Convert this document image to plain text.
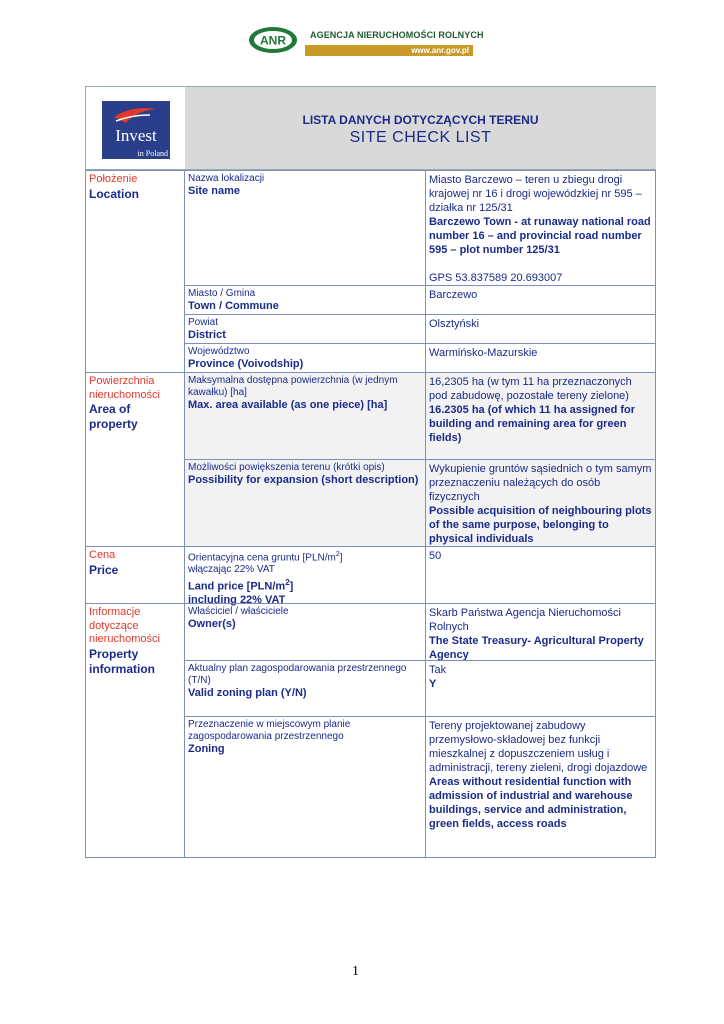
ANR	AGENCJA NIERUCHOMOŚCI ROLNYCH
www.anr.gov.pl
Invest
in Poland
LISTA DANYCH DOTYCZĄCYCH TERENU
SITE CHECK LIST
Położenie
Location
Nazwa lokalizacji
Site name
Miasto Barczewo – teren u zbiegu drogi krajowej nr 16 i drogi wojewódzkiej nr 595 – działka nr 125/31
Barczewo Town - at runaway national road number 16 – and provincial road number 595 – plot number 125/31
GPS 53.837589 20.693007
Miasto / Gmina
Town / Commune
Barczewo
Powiat
District
Olsztyński
Województwo
Province (Voivodship)
Warmińsko-Mazurskie
Powierzchnia nieruchomości
Area of property
Maksymalna dostępna powierzchnia (w jednym kawałku) [ha]
Max. area available (as one piece) [ha]
16,2305 ha (w tym 11 ha przeznaczonych pod zabudowę, pozostałe tereny zielone)
16.2305 ha (of which 11 ha assigned for building and remaining area for green fields)
Możliwości powiększenia terenu (krótki opis)
Possibility for expansion (short description)
Wykupienie gruntów sąsiednich o tym samym przeznaczeniu należących do osób fizycznych
Possible acquisition of neighbouring plots of the same purpose, belonging to physical individuals
Cena
Price
Orientacyjna cena gruntu $[PLN/m^2]$
włączając 22% VAT
Land price $[PLN/m^2]$
including 22% VAT
50
Informacje dotyczące nieruchomości
Property information
Właściciel / właściciele
Owner(s)
Skarb Państwa Agencja Nieruchomości Rolnych
The State Treasury- Agricultural Property Agency
Aktualny plan zagospodarowania przestrzennego (T/N)
Valid zoning plan (Y/N)
Tak
Y
Przeznaczenie w miejscowym planie zagospodarowania przestrzennego
Zoning
Tereny projektowanej zabudowy przemysłowo-składowej bez funkcji mieszkalnej z dopuszczeniem usług i administracji, tereny zieleni, drogi dojazdowe
Areas without residential function with admission of industrial and warehouse buildings, service and administration, green fields, access roads
1
